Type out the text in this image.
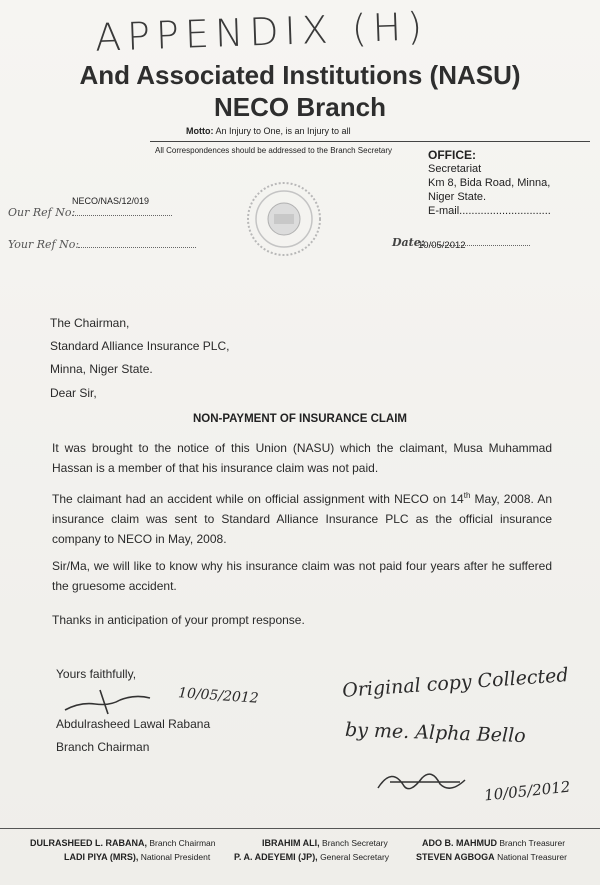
APPENDIX (H)
And Associated Institutions (NASU)
NECO Branch
Motto: An Injury to One, is an Injury to all
All Correspondences should be addressed to the Branch Secretary	OFFICE:
Secretariat
Km 8, Bida Road, Minna,
Niger State.
E-mail..............................
NECO/NAS/12/019
Our Ref No:
Your Ref No:	Date:
10/05/2012
The Chairman,
Standard Alliance Insurance PLC,
Minna, Niger State.
Dear Sir,
NON-PAYMENT OF INSURANCE CLAIM
It was brought to the notice of this Union (NASU) which the claimant, Musa Muhammad Hassan is a member of that his insurance claim was not paid.
The claimant had an accident while on official assignment with NECO on 14th May, 2008. An insurance claim was sent to Standard Alliance Insurance PLC as the official insurance company to NECO in May, 2008.
Sir/Ma, we will like to know why his insurance claim was not paid four years after he suffered the gruesome accident.
Thanks in anticipation of your prompt response.
Yours faithfully,
10/05/2012
Abdulrasheed Lawal Rabana
Branch Chairman
Original copy Collected
by me. Alpha Bello
10/05/2012
DULRASHEED L. RABANA, Branch Chairman	IBRAHIM ALI, Branch Secretary	ADO B. MAHMUD Branch Treasurer
LADI PIYA (MRS), National President	P. A. ADEYEMI (JP), General Secretary	STEVEN AGBOGA National Treasurer
